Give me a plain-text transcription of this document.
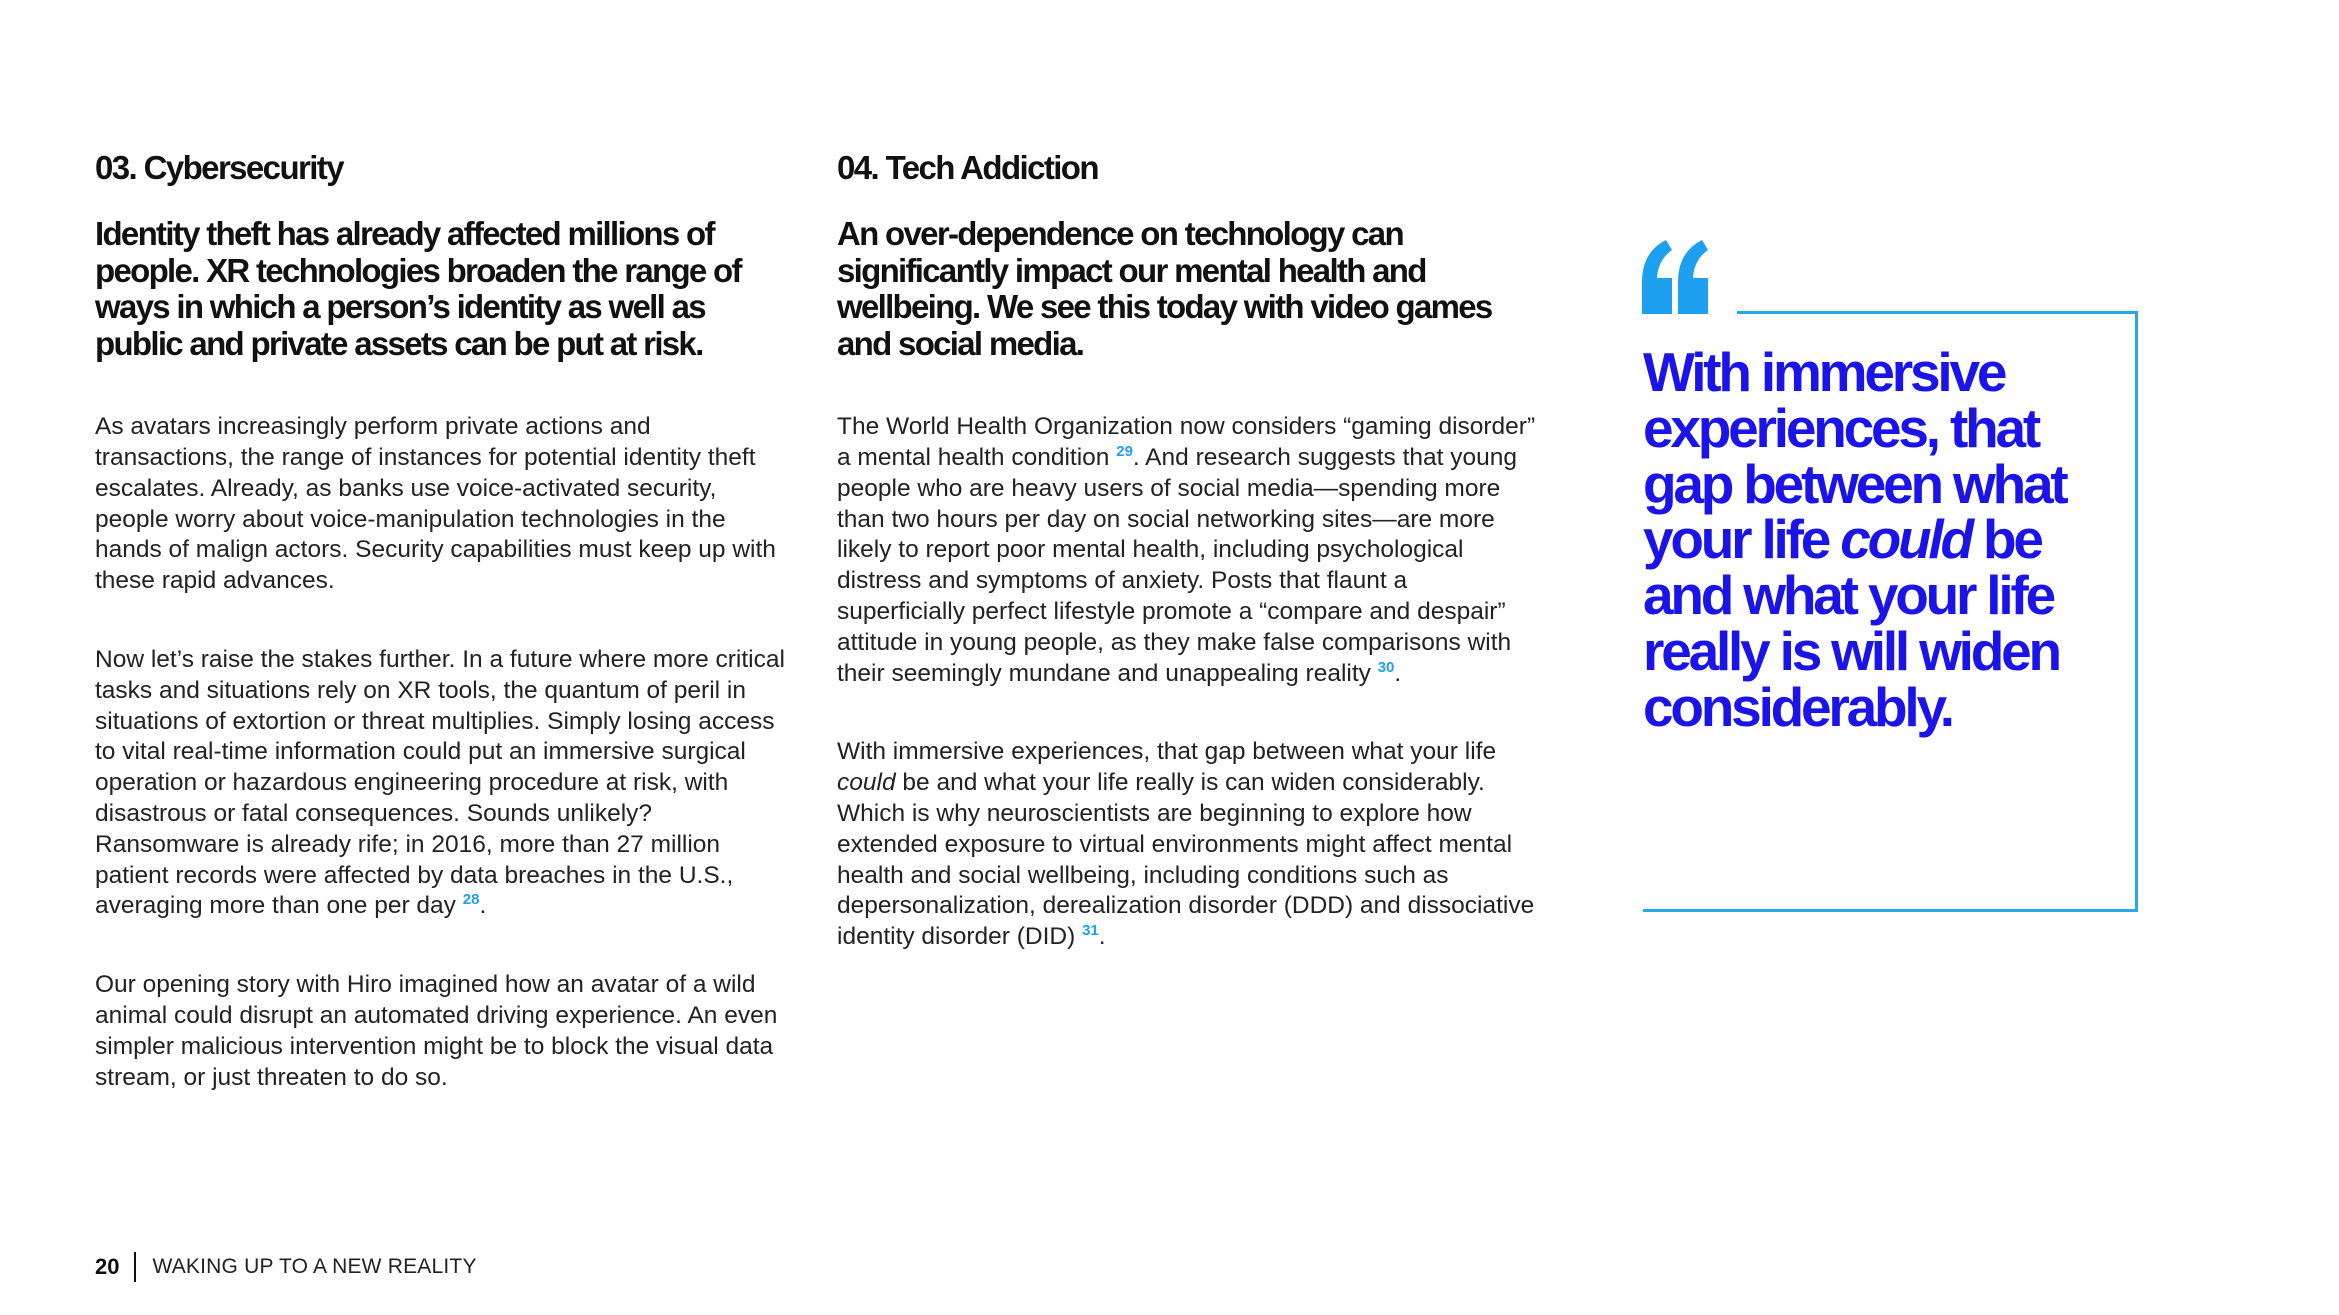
03. Cybersecurity

Identity theft has already affected millions of people. XR technologies broaden the range of ways in which a person’s identity as well as public and private assets can be put at risk.

As avatars increasingly perform private actions and transactions, the range of instances for potential identity theft escalates. Already, as banks use voice-activated security, people worry about voice-manipulation technologies in the hands of malign actors. Security capabilities must keep up with these rapid advances.

Now let’s raise the stakes further. In a future where more critical tasks and situations rely on XR tools, the quantum of peril in situations of extortion or threat multiplies. Simply losing access to vital real-time information could put an immersive surgical operation or hazardous engineering procedure at risk, with disastrous or fatal consequences. Sounds unlikely? Ransomware is already rife; in 2016, more than 27 million patient records were affected by data breaches in the U.S., averaging more than one per day $^{28}$.

Our opening story with Hiro imagined how an avatar of a wild animal could disrupt an automated driving experience. An even simpler malicious intervention might be to block the visual data stream, or just threaten to do so.

04. Tech Addiction

An over-dependence on technology can significantly impact our mental health and wellbeing. We see this today with video games and social media.

The World Health Organization now considers “gaming disorder” a mental health condition $^{29}$. And research suggests that young people who are heavy users of social media—spending more than two hours per day on social networking sites—are more likely to report poor mental health, including psychological distress and symptoms of anxiety. Posts that flaunt a superficially perfect lifestyle promote a “compare and despair” attitude in young people, as they make false comparisons with their seemingly mundane and unappealing reality $^{30}$.

With immersive experiences, that gap between what your life could be and what your life really is can widen considerably. Which is why neuroscientists are beginning to explore how extended exposure to virtual environments might affect mental health and social wellbeing, including conditions such as depersonalization, derealization disorder (DDD) and dissociative identity disorder (DID) $^{31}$.

With immersive experiences, that gap between what your life could be and what your life really is will widen considerably.

20 WAKING UP TO A NEW REALITY
